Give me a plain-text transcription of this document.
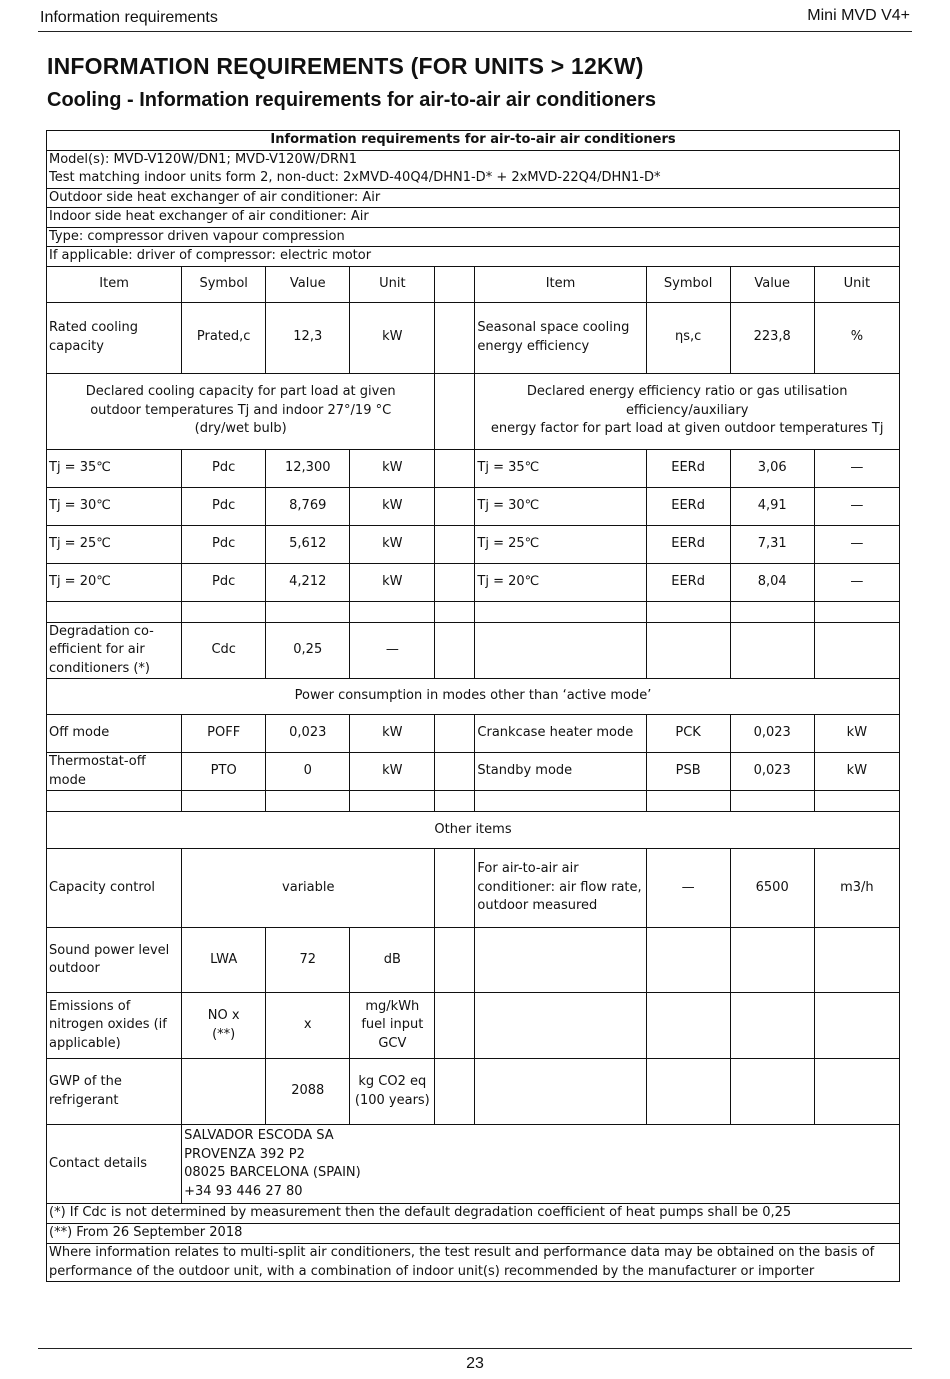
Information requirements	Mini MVD V4+
INFORMATION REQUIREMENTS (FOR UNITS > 12KW)
Cooling - Information requirements for air-to-air air conditioners
Information requirements for air-to-air air conditioners								

Model(s): MVD-V120W/DN1; MVD-V120W/DRN1
Test matching indoor units form 2, non-duct: 2xMVD-40Q4/DHN1-D* + 2xMVD-22Q4/DHN1-D*								

Outdoor side heat exchanger of air conditioner: Air								
Indoor side heat exchanger of air conditioner: Air								
Type: compressor driven vapour compression								
If applicable: driver of compressor: electric motor								
Item	Symbol	Value	Unit		Item	Symbol	Value	Unit
Rated cooling capacity	Prated,c	12,3	kW		Seasonal space cooling energy efficiency	ηs,c	223,8	%
Declared cooling capacity for part load at given outdoor temperatures Tj and indoor 27°/19 °C (dry/wet bulb)					Declared energy efficiency ratio or gas utilisation efficiency/auxiliary
energy factor for part load at given outdoor temperatures Tj			

Tj = 35℃	Pdc	12,300	kW		Tj = 35℃	EERd	3,06	—
Tj = 30℃	Pdc	8,769	kW		Tj = 30℃	EERd	4,91	—
Tj = 25℃	Pdc	5,612	kW		Tj = 25℃	EERd	7,31	—
Tj = 20℃	Pdc	4,212	kW		Tj = 20℃	EERd	8,04	—

Degradation co-efficient for air conditioners (*)	Cdc	0,25	—					
Power consumption in modes other than ‘active mode’								
Off mode	POFF	0,023	kW		Crankcase heater mode	PCK	0,023	kW
Thermostat-off mode	PTO	0	kW		Standby mode	PSB	0,023	kW

Other items								
Capacity control	variable				For air-to-air air conditioner: air flow rate, outdoor measured	—	6500	m3/h
Sound power level outdoor	LWA	72	dB					
Emissions of nitrogen oxides (if applicable)	NO x (**)	x	mg/kWh fuel input GCV					
GWP of the refrigerant		2088	kg CO2 eq (100 years)					
Contact details	SALVADOR ESCODA SA
PROVENZA 392 P2
08025 BARCELONA (SPAIN)
+34 93 446 27 80							

(*) If Cdc is not determined by measurement then the default degradation coefficient of heat pumps shall be 0,25								
(**) From 26 September 2018								
Where information relates to multi-split air conditioners, the test result and performance data may be obtained on the basis of performance of the outdoor unit, with a combination of indoor unit(s) recommended by the manufacturer or importer								
23
